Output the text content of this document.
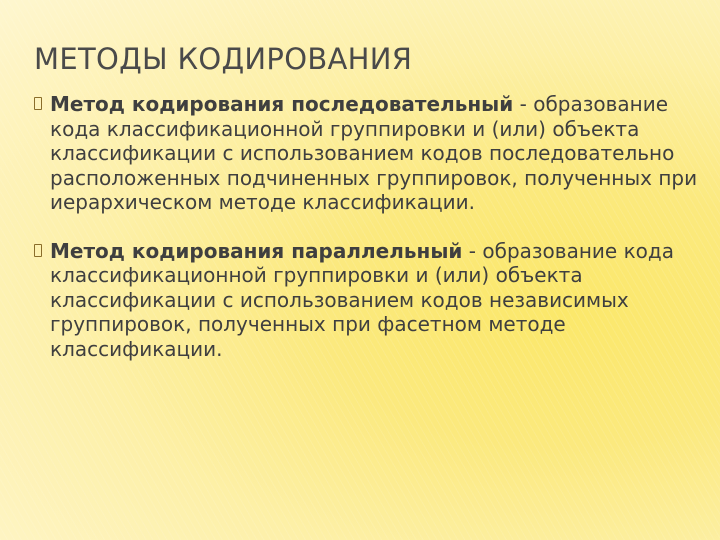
МЕТОДЫ КОДИРОВАНИЯ
Метод кодирования последовательный - образование кода классификационной группировки и (или) объекта классификации с использованием кодов последовательно расположенных подчиненных группировок, полученных при иерархическом методе классификации.
Метод кодирования параллельный - образование кода классификационной группировки и (или) объекта классификации с использованием кодов независимых группировок, полученных при фасетном методе классификации.
